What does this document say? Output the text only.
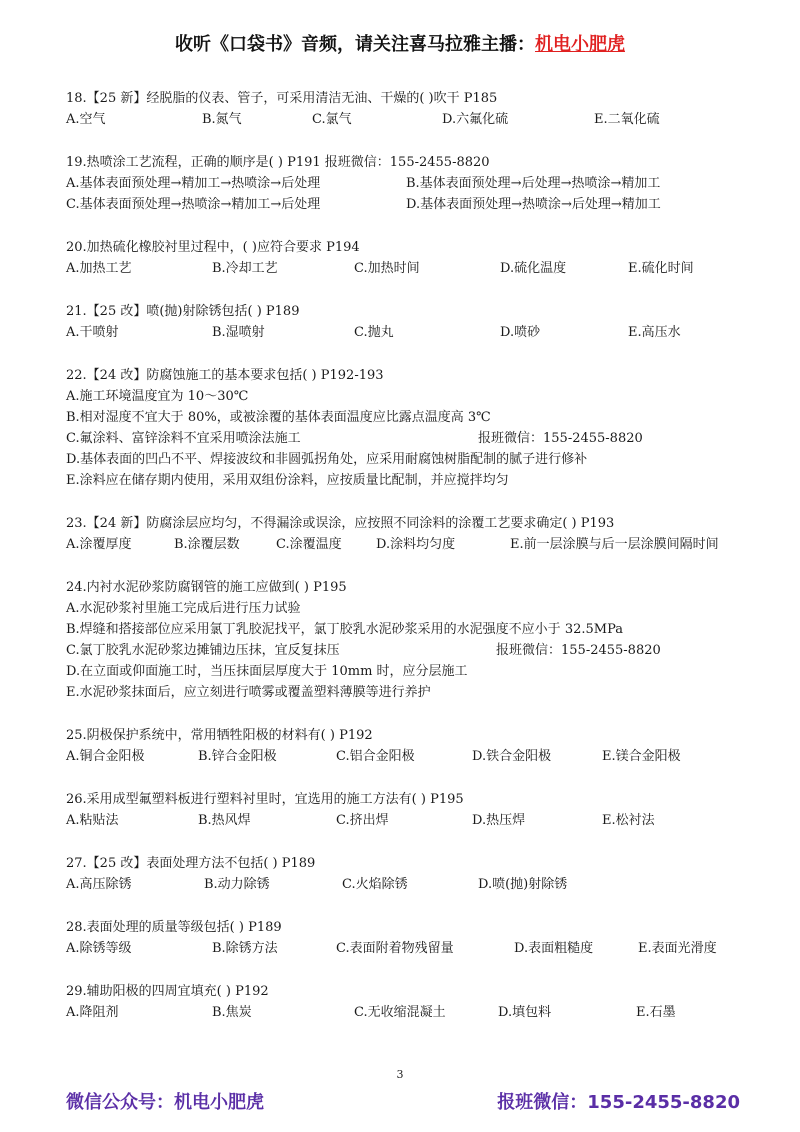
收听《口袋书》音频，请关注喜马拉雅主播：机电小肥虎
18.【25 新】经脱脂的仪表、管子，可采用清洁无油、干燥的( )吹干 P185
A.空气	B.氮气	C.氯气	D.六氟化硫	E.二氧化硫
19.热喷涂工艺流程，正确的顺序是( ) P191 报班微信：155-2455-8820
A.基体表面预处理→精加工→热喷涂→后处理	B.基体表面预处理→后处理→热喷涂→精加工
C.基体表面预处理→热喷涂→精加工→后处理	D.基体表面预处理→热喷涂→后处理→精加工
20.加热硫化橡胶衬里过程中，( )应符合要求 P194
A.加热工艺	B.冷却工艺	C.加热时间	D.硫化温度	E.硫化时间
21.【25 改】喷(抛)射除锈包括( ) P189
A.干喷射	B.湿喷射	C.抛丸	D.喷砂	E.高压水
22.【24 改】防腐蚀施工的基本要求包括( ) P192-193
A.施工环境温度宜为 10～30℃
B.相对湿度不宜大于 80%，或被涂覆的基体表面温度应比露点温度高 3℃
C.氟涂料、富锌涂料不宜采用喷涂法施工	报班微信：155-2455-8820
D.基体表面的凹凸不平、焊接波纹和非圆弧拐角处，应采用耐腐蚀树脂配制的腻子进行修补
E.涂料应在储存期内使用，采用双组份涂料，应按质量比配制，并应搅拌均匀
23.【24 新】防腐涂层应均匀，不得漏涂或误涂，应按照不同涂料的涂覆工艺要求确定( ) P193
A.涂覆厚度	B.涂覆层数	C.涂覆温度	D.涂料均匀度	E.前一层涂膜与后一层涂膜间隔时间
24.内衬水泥砂浆防腐钢管的施工应做到( ) P195
A.水泥砂浆衬里施工完成后进行压力试验
B.焊缝和搭接部位应采用氯丁乳胶泥找平，氯丁胶乳水泥砂浆采用的水泥强度不应小于 32.5MPa
C.氯丁胶乳水泥砂浆边摊铺边压抹，宜反复抹压	报班微信：155-2455-8820
D.在立面或仰面施工时，当压抹面层厚度大于 10mm 时，应分层施工
E.水泥砂浆抹面后，应立刻进行喷雾或覆盖塑料薄膜等进行养护
25.阴极保护系统中，常用牺牲阳极的材料有( ) P192
A.铜合金阳极	B.锌合金阳极	C.铝合金阳极	D.铁合金阳极	E.镁合金阳极
26.采用成型氟塑料板进行塑料衬里时，宜选用的施工方法有( ) P195
A.粘贴法	B.热风焊	C.挤出焊	D.热压焊	E.松衬法
27.【25 改】表面处理方法不包括( ) P189
A.高压除锈	B.动力除锈	C.火焰除锈	D.喷(抛)射除锈
28.表面处理的质量等级包括( ) P189
A.除锈等级	B.除锈方法	C.表面附着物残留量	D.表面粗糙度	E.表面光滑度
29.辅助阳极的四周宜填充( ) P192
A.降阻剂	B.焦炭	C.无收缩混凝土	D.填包料	E.石墨
3
微信公众号：机电小肥虎	报班微信：155-2455-8820
